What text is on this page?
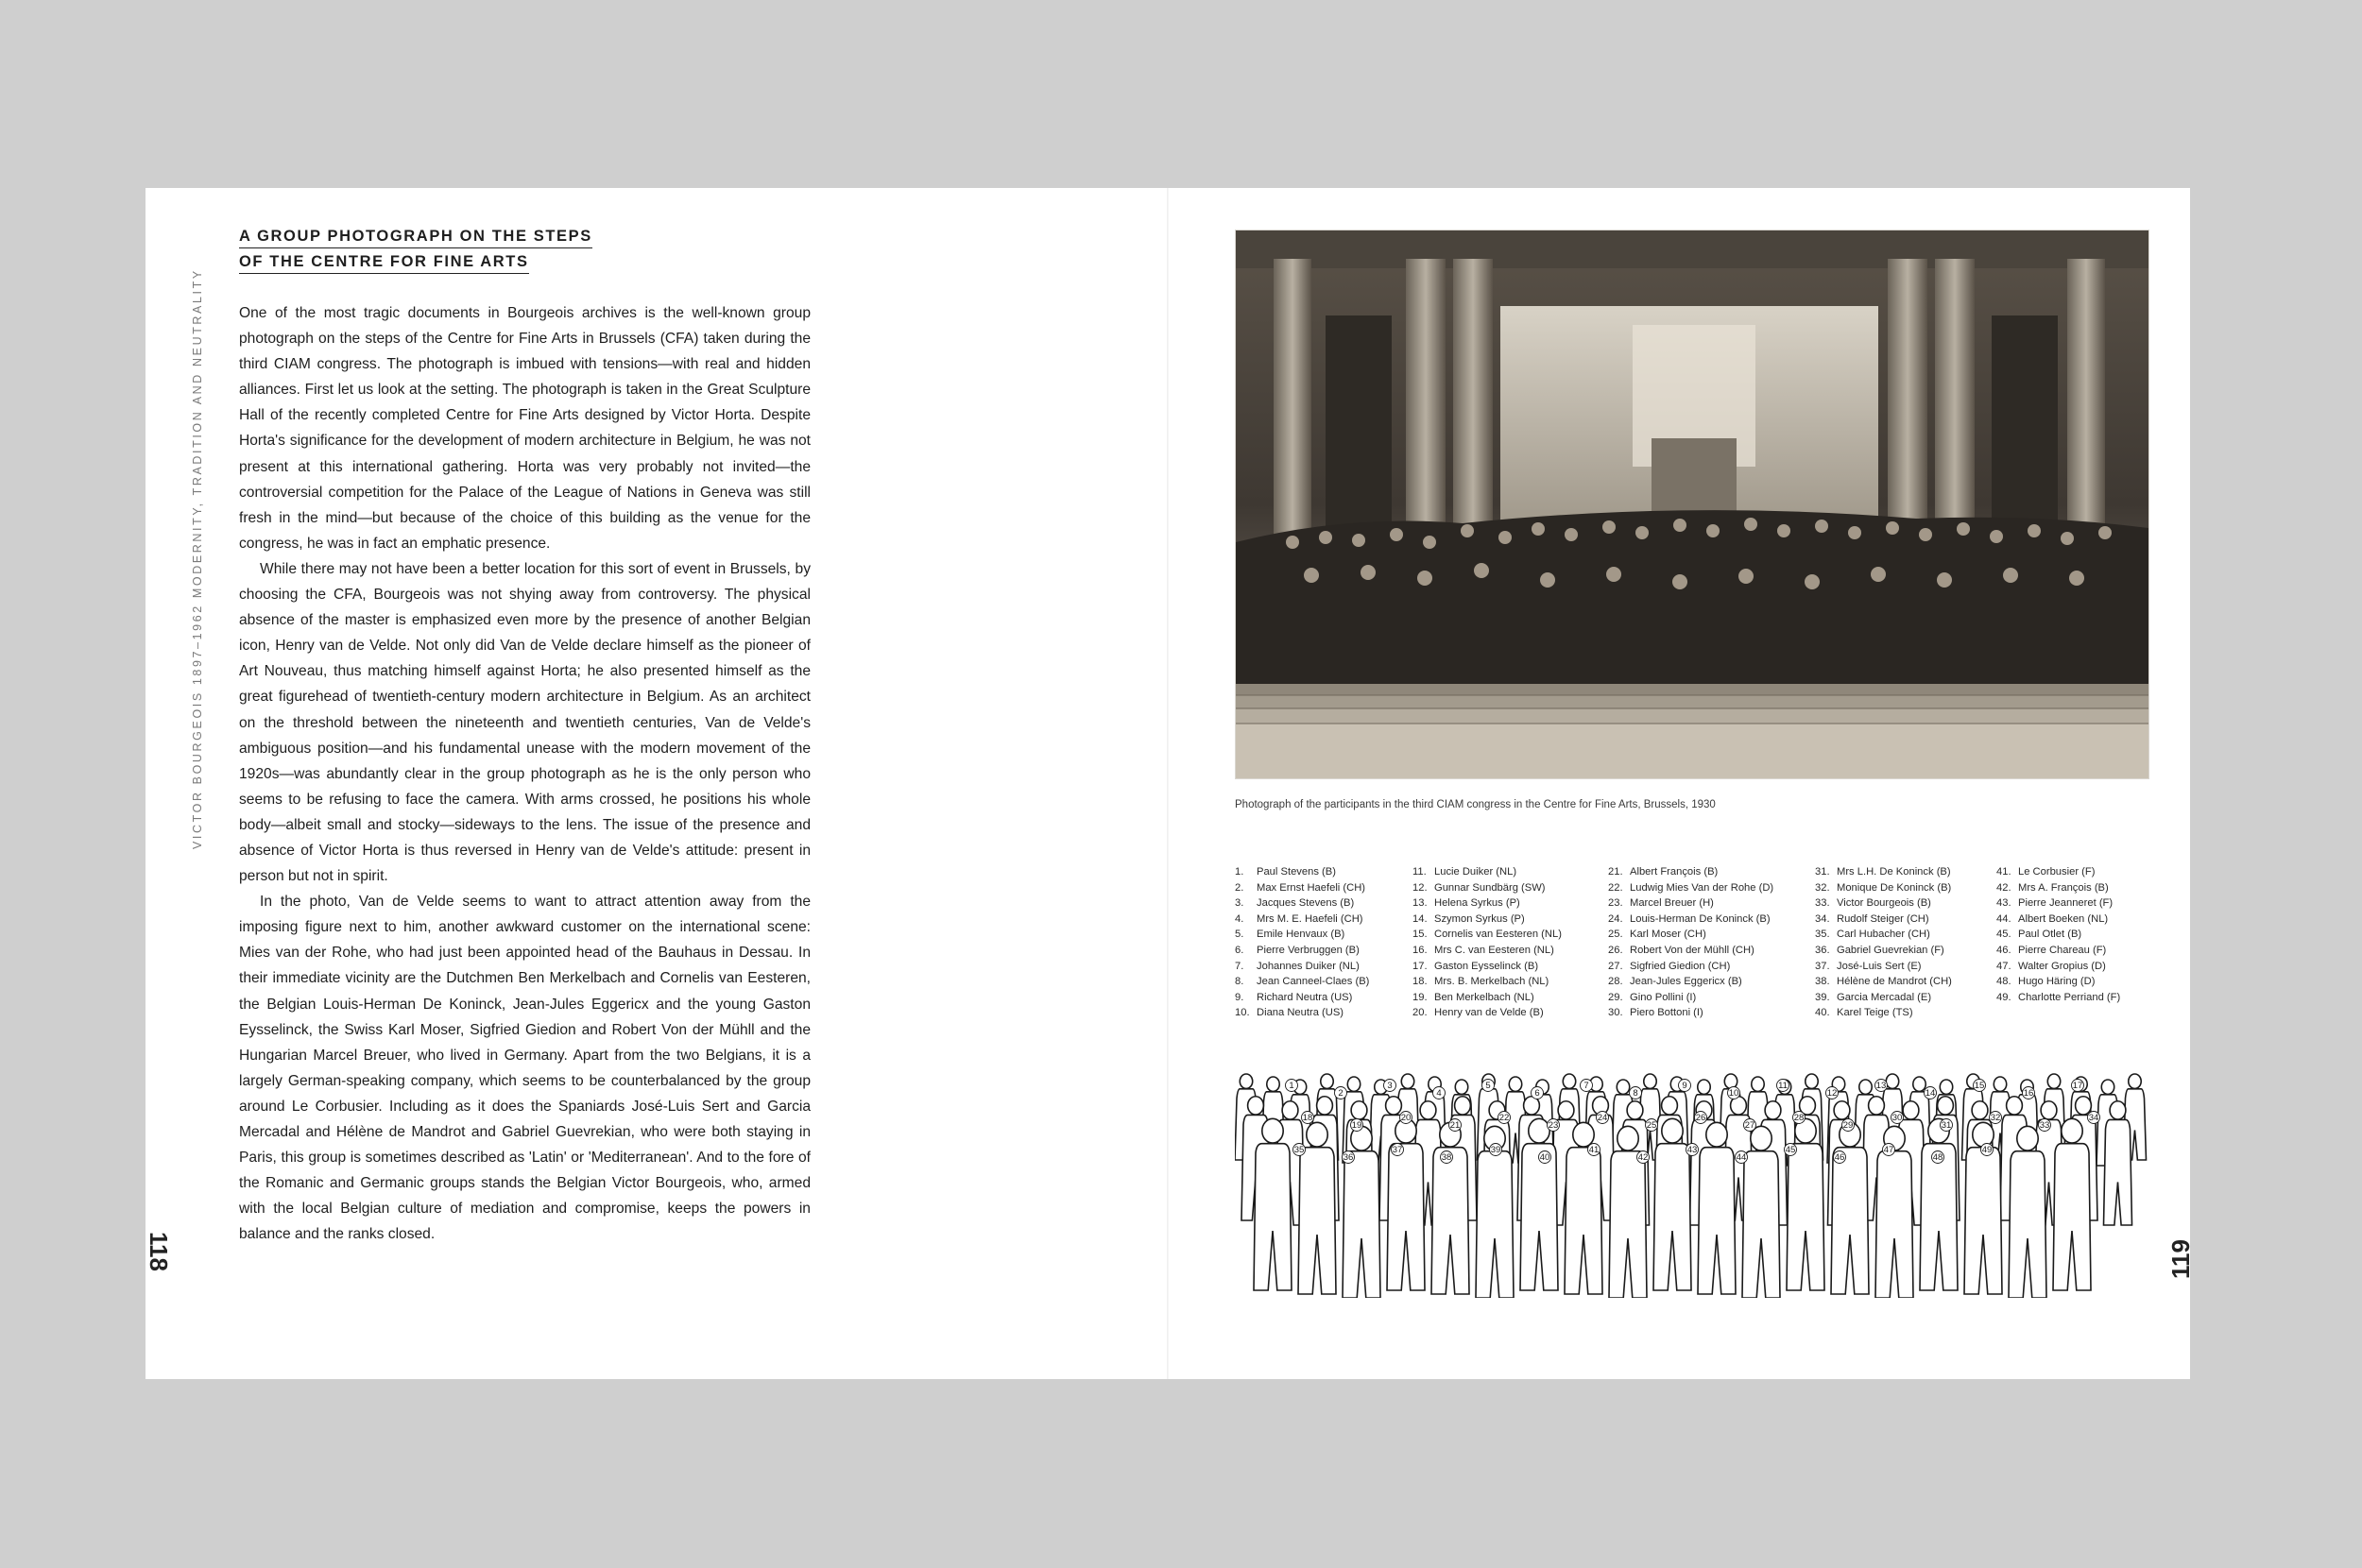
VICTOR BOURGEOIS 1897–1962 MODERNITY, TRADITION AND NEUTRALITY
118
A GROUP PHOTOGRAPH ON THE STEPS
OF THE CENTRE FOR FINE ARTS

One of the most tragic documents in Bourgeois archives is the well-known group photograph on the steps of the Centre for Fine Arts in Brussels (CFA) taken during the third CIAM congress. The photograph is imbued with tensions—with real and hidden alliances. First let us look at the setting. The photograph is taken in the Great Sculpture Hall of the recently completed Centre for Fine Arts designed by Victor Horta. Despite Horta's significance for the development of modern architecture in Belgium, he was not present at this international gathering. Horta was very probably not invited—the controversial competition for the Palace of the League of Nations in Geneva was still fresh in the mind—but because of the choice of this building as the venue for the congress, he was in fact an emphatic presence.

While there may not have been a better location for this sort of event in Brussels, by choosing the CFA, Bourgeois was not shying away from controversy. The physical absence of the master is emphasized even more by the presence of another Belgian icon, Henry van de Velde. Not only did Van de Velde declare himself as the pioneer of Art Nouveau, thus matching himself against Horta; he also presented himself as the great figurehead of twentieth-century modern architecture in Belgium. As an architect on the threshold between the nineteenth and twentieth centuries, Van de Velde's ambiguous position—and his fundamental unease with the modern movement of the 1920s—was abundantly clear in the group photograph as he is the only person who seems to be refusing to face the camera. With arms crossed, he positions his whole body—albeit small and stocky—sideways to the lens. The issue of the presence and absence of Victor Horta is thus reversed in Henry van de Velde's attitude: present in person but not in spirit.

In the photo, Van de Velde seems to want to attract attention away from the imposing figure next to him, another awkward customer on the international scene: Mies van der Rohe, who had just been appointed head of the Bauhaus in Dessau. In their immediate vicinity are the Dutchmen Ben Merkelbach and Cornelis van Eesteren, the Belgian Louis-Herman De Koninck, Jean-Jules Eggericx and the young Gaston Eysselinck, the Swiss Karl Moser, Sigfried Giedion and Robert Von der Mühll and the Hungarian Marcel Breuer, who lived in Germany. Apart from the two Belgians, it is a largely German-speaking company, which seems to be counterbalanced by the group around Le Corbusier. Including as it does the Spaniards José-Luis Sert and Garcia Mercadal and Hélène de Mandrot and Gabriel Guevrekian, who were both staying in Paris, this group is sometimes described as 'Latin' or 'Mediterranean'. And to the fore of the Romanic and Germanic groups stands the Belgian Victor Bourgeois, who, armed with the local Belgian culture of mediation and compromise, keeps the powers in balance and the ranks closed.

Photograph of the participants in the third CIAM congress in the Centre for Fine Arts, Brussels, 1930
1. Paul Stevens (B)
2. Max Ernst Haefeli (CH)
3. Jacques Stevens (B)
4. Mrs M. E. Haefeli (CH)
5. Emile Henvaux (B)
6. Pierre Verbruggen (B)
7. Johannes Duiker (NL)
8. Jean Canneel-Claes (B)
9. Richard Neutra (US)
10. Diana Neutra (US)
11. Lucie Duiker (NL)
12. Gunnar Sundbärg (SW)
13. Helena Syrkus (P)
14. Szymon Syrkus (P)
15. Cornelis van Eesteren (NL)
16. Mrs C. van Eesteren (NL)
17. Gaston Eysselinck (B)
18. Mrs. B. Merkelbach (NL)
19. Ben Merkelbach (NL)
20. Henry van de Velde (B)
21. Albert François (B)
22. Ludwig Mies Van der Rohe (D)
23. Marcel Breuer (H)
24. Louis-Herman De Koninck (B)
25. Karl Moser (CH)
26. Robert Von der Mühll (CH)
27. Sigfried Giedion (CH)
28. Jean-Jules Eggericx (B)
29. Gino Pollini (I)
30. Piero Bottoni (I)
31. Mrs L.H. De Koninck (B)
32. Monique De Koninck (B)
33. Victor Bourgeois (B)
34. Rudolf Steiger (CH)
35. Carl Hubacher (CH)
36. Gabriel Guevrekian (F)
37. José-Luis Sert (E)
38. Hélène de Mandrot (CH)
39. Garcia Mercadal (E)
40. Karel Teige (TS)
41. Le Corbusier (F)
42. Mrs A. François (B)
43. Pierre Jeanneret (F)
44. Albert Boeken (NL)
45. Paul Otlet (B)
46. Pierre Chareau (F)
47. Walter Gropius (D)
48. Hugo Häring (D)
49. Charlotte Perriand (F)
1
2
3
4
5
6
7
8
9
10
11
12
13
14
15
16
17
18
19
20
21
22
23
24
25
26
27
28
29
30
31
32
33
34
35
36
37
38
39
40
41
42
43
44
45
46
47
48
49
119
